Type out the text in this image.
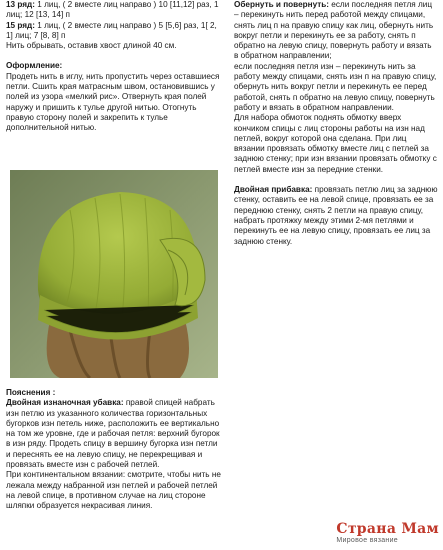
13 ряд: 1 лиц, ( 2 вместе лиц направо ) 10 [11,12] раз, 1 лиц; 12 [13, 14] п

15 ряд: 1 лиц, ( 2 вместе лиц направо ) 5 [5,6] раз, 1[ 2, 1] лиц; 7 [8, 8] п

Нить обрывать, оставив хвост длиной 40 см.

Оформление:

Продеть нить в иглу, нить пропустить через оставшиеся петли. Сшить края матрасным швом, остановившись у полей из узора «мелкий рис». Отвернуть края полей наружу и пришить к тулье другой нитью. Отогнуть правую сторону полей и закрепить к тулье дополнительной нитью.

Пояснения :

Двойная изнаночная убавка: правой спицей набрать изн петлю из указанного количества горизонтальных бугорков изн петель ниже, расположить ее вертикально на том же уровне, где и рабочая петля: верхний бугорок в изн ряду. Продеть спицу в вершину бугорка изн петли и переснять ее на левую спицу, не перекрещивая и провязать вместе изн с рабочей петлей.

При континентальном вязании: смотрите, чтобы нить не лежала между набранной изн петлей и рабочей петлей на левой спице, в противном случае на лиц стороне шляпки образуется некрасивая линия.

Обернуть и повернуть: если последняя петля лиц – перекинуть нить перед работой между спицами, снять лиц п на правую спицу как лиц, обернуть нить вокруг петли и перекинуть ее за работу, снять п обратно на левую спицу, повернуть работу и вязать в обратном направлении;

если последняя петля изн – перекинуть нить за работу между спицами, снять изн п на правую спицу, обернуть нить вокруг петли и перекинуть ее перед работой, снять п обратно на левую спицу, повернуть работу и вязать в обратном направлении.

Для набора обмоток поднять обмотку вверх кончиком спицы с лиц стороны работы на изн над петлей, вокруг которой она сделана. При лиц вязании провязать обмотку вместе лиц с петлей за заднюю стенку; при изн вязании провязать обмотку с петлей вместе изн за передние стенки.

Двойная прибавка: провязать петлю лиц за заднюю стенку, оставить ее на левой спице, провязать ее за переднюю стенку, снять 2 петли на правую спицу, набрать протяжку между этими 2-мя петлями и перекинуть ее на левую спицу, провязать ее лиц за заднюю стенку.

Страна Мам
Мировое вязание
